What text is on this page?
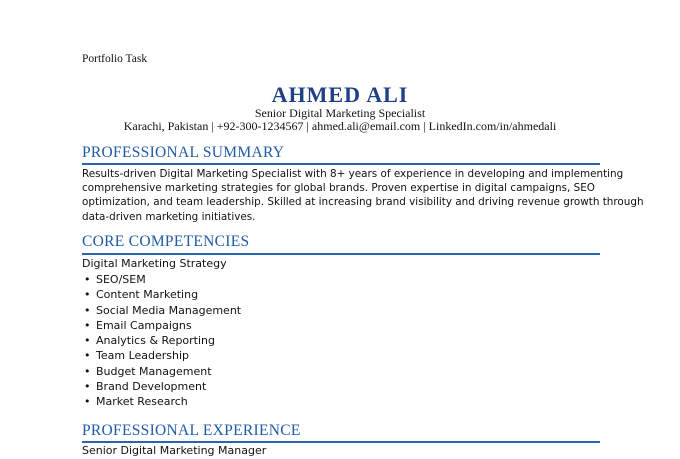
Portfolio Task
AHMED ALI
Senior Digital Marketing Specialist
Karachi, Pakistan | +92-300-1234567 | ahmed.ali@email.com | LinkedIn.com/in/ahmedali
PROFESSIONAL SUMMARY
Results-driven Digital Marketing Specialist with 8+ years of experience in developing and implementing
comprehensive marketing strategies for global brands. Proven expertise in digital campaigns, SEO
optimization, and team leadership. Skilled at increasing brand visibility and driving revenue growth through
data-driven marketing initiatives.
CORE COMPETENCIES
Digital Marketing Strategy
• SEO/SEM
• Content Marketing
• Social Media Management
• Email Campaigns
• Analytics & Reporting
• Team Leadership
• Budget Management
• Brand Development
• Market Research
PROFESSIONAL EXPERIENCE
Senior Digital Marketing Manager
